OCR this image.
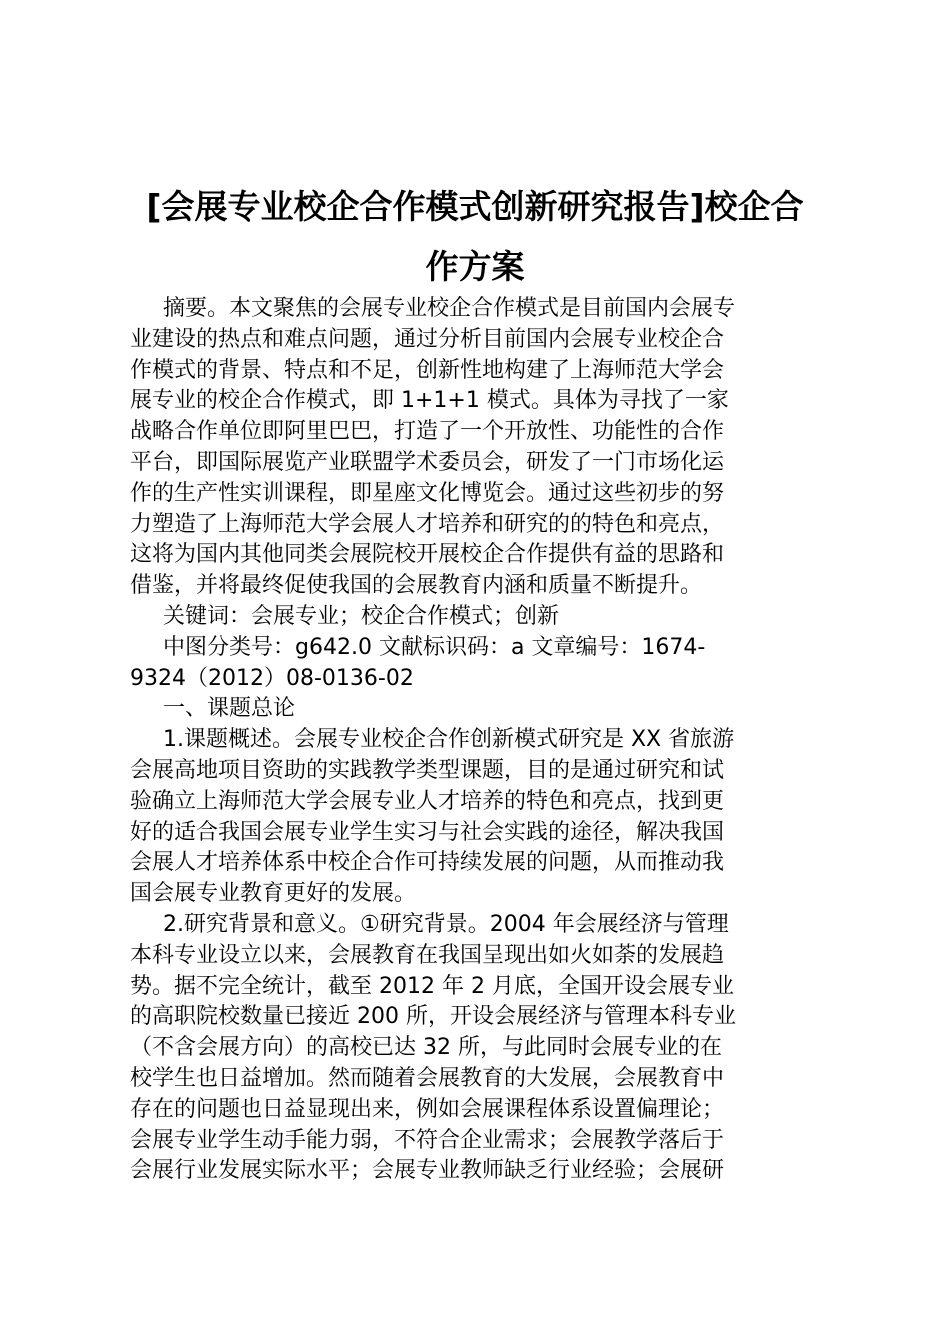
[会展专业校企合作模式创新研究报告]校企合
作方案
摘要。本文聚焦的会展专业校企合作模式是目前国内会展专
业建设的热点和难点问题，通过分析目前国内会展专业校企合
作模式的背景、特点和不足，创新性地构建了上海师范大学会
展专业的校企合作模式，即 1+1+1 模式。具体为寻找了一家
战略合作单位即阿里巴巴，打造了一个开放性、功能性的合作
平台，即国际展览产业联盟学术委员会，研发了一门市场化运
作的生产性实训课程，即星座文化博览会。通过这些初步的努
力塑造了上海师范大学会展人才培养和研究的的特色和亮点，
这将为国内其他同类会展院校开展校企合作提供有益的思路和
借鉴，并将最终促使我国的会展教育内涵和质量不断提升。
关键词：会展专业；校企合作模式；创新
中图分类号：g642.0 文献标识码：a 文章编号：1674-
9324（2012）08-0136-02
一、课题总论
1.课题概述。会展专业校企合作创新模式研究是 XX 省旅游
会展高地项目资助的实践教学类型课题，目的是通过研究和试
验确立上海师范大学会展专业人才培养的特色和亮点，找到更
好的适合我国会展专业学生实习与社会实践的途径，解决我国
会展人才培养体系中校企合作可持续发展的问题，从而推动我
国会展专业教育更好的发展。
2.研究背景和意义。①研究背景。2004 年会展经济与管理
本科专业设立以来，会展教育在我国呈现出如火如荼的发展趋
势。据不完全统计，截至 2012 年 2 月底，全国开设会展专业
的高职院校数量已接近 200 所，开设会展经济与管理本科专业
（不含会展方向）的高校已达 32 所，与此同时会展专业的在
校学生也日益增加。然而随着会展教育的大发展，会展教育中
存在的问题也日益显现出来，例如会展课程体系设置偏理论；
会展专业学生动手能力弱，不符合企业需求；会展教学落后于
会展行业发展实际水平；会展专业教师缺乏行业经验；会展研
